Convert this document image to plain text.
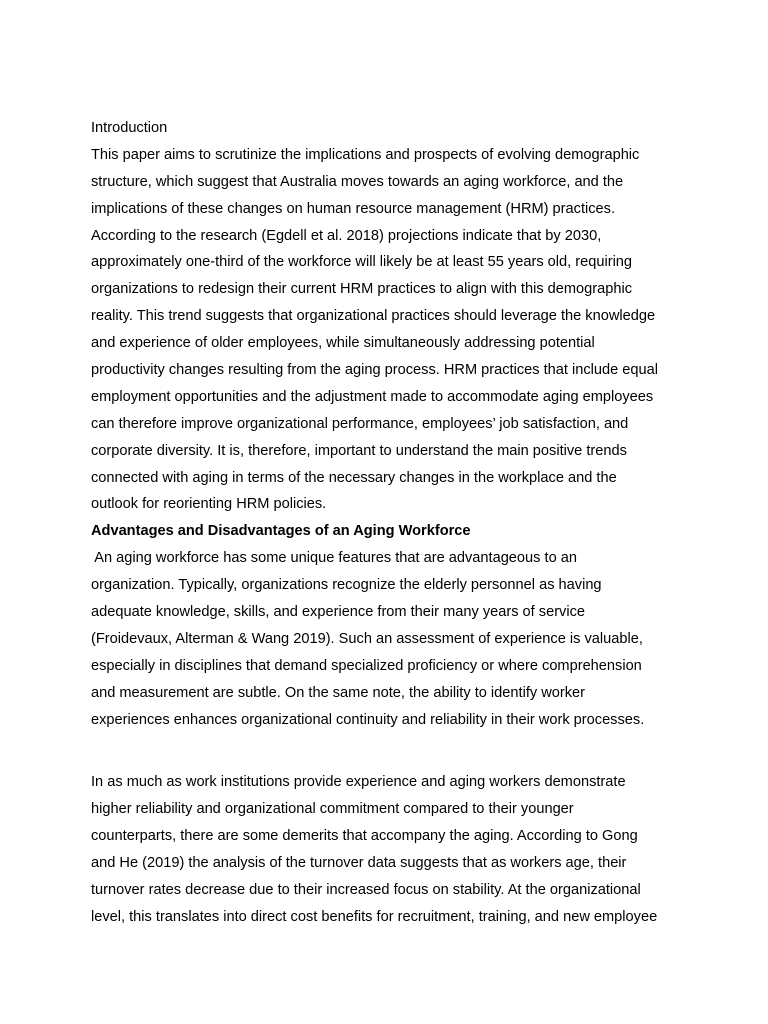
Introduction
This paper aims to scrutinize the implications and prospects of evolving demographic
structure, which suggest that Australia moves towards an aging workforce, and the
implications of these changes on human resource management (HRM) practices.
According to the research (Egdell et al. 2018) projections indicate that by 2030,
approximately one-third of the workforce will likely be at least 55 years old, requiring
organizations to redesign their current HRM practices to align with this demographic
reality. This trend suggests that organizational practices should leverage the knowledge
and experience of older employees, while simultaneously addressing potential
productivity changes resulting from the aging process. HRM practices that include equal
employment opportunities and the adjustment made to accommodate aging employees
can therefore improve organizational performance, employees’ job satisfaction, and
corporate diversity. It is, therefore, important to understand the main positive trends
connected with aging in terms of the necessary changes in the workplace and the
outlook for reorienting HRM policies.
Advantages and Disadvantages of an Aging Workforce
An aging workforce has some unique features that are advantageous to an
organization. Typically, organizations recognize the elderly personnel as having
adequate knowledge, skills, and experience from their many years of service
(Froidevaux, Alterman & Wang 2019). Such an assessment of experience is valuable,
especially in disciplines that demand specialized proficiency or where comprehension
and measurement are subtle. On the same note, the ability to identify worker
experiences enhances organizational continuity and reliability in their work processes.
In as much as work institutions provide experience and aging workers demonstrate
higher reliability and organizational commitment compared to their younger
counterparts, there are some demerits that accompany the aging. According to Gong
and He (2019) the analysis of the turnover data suggests that as workers age, their
turnover rates decrease due to their increased focus on stability. At the organizational
level, this translates into direct cost benefits for recruitment, training, and new employee
